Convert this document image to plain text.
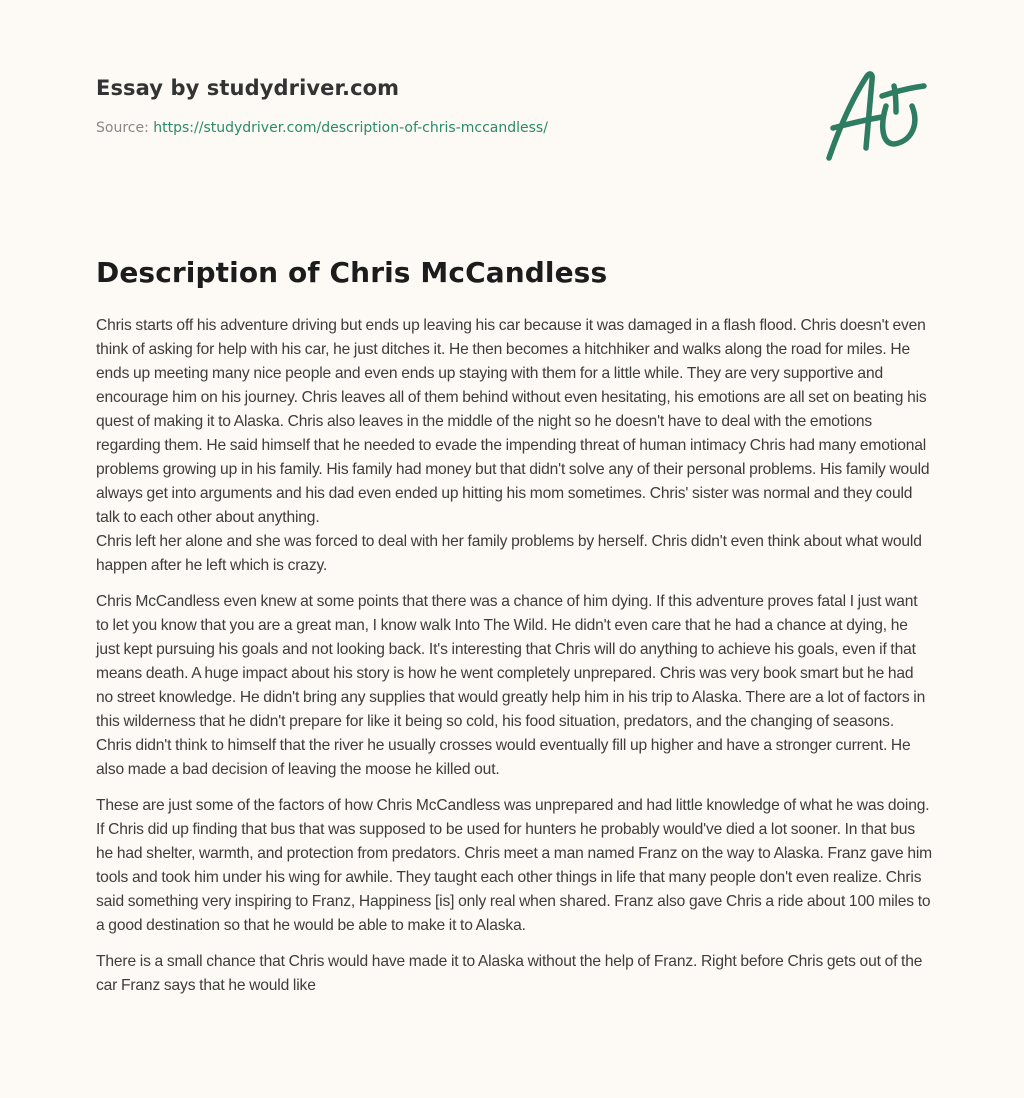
Essay by studydriver.com
Source: https://studydriver.com/description-of-chris-mccandless/
Description of Chris McCandless

Chris starts off his adventure driving but ends up leaving his car because it was damaged in a flash flood. Chris doesn't even think of asking for help with his car, he just ditches it. He then becomes a hitchhiker and walks along the road for miles. He ends up meeting many nice people and even ends up staying with them for a little while. They are very supportive and encourage him on his journey. Chris leaves all of them behind without even hesitating, his emotions are all set on beating his quest of making it to Alaska. Chris also leaves in the middle of the night so he doesn't have to deal with the emotions regarding them. He said himself that he needed to evade the impending threat of human intimacy Chris had many emotional problems growing up in his family. His family had money but that didn't solve any of their personal problems. His family would always get into arguments and his dad even ended up hitting his mom sometimes. Chris' sister was normal and they could talk to each other about anything.

Chris left her alone and she was forced to deal with her family problems by herself. Chris didn't even think about what would happen after he left which is crazy.

Chris McCandless even knew at some points that there was a chance of him dying. If this adventure proves fatal I just want to let you know that you are a great man, I know walk Into The Wild. He didn't even care that he had a chance at dying, he just kept pursuing his goals and not looking back. It's interesting that Chris will do anything to achieve his goals, even if that means death. A huge impact about his story is how he went completely unprepared. Chris was very book smart but he had no street knowledge. He didn't bring any supplies that would greatly help him in his trip to Alaska. There are a lot of factors in this wilderness that he didn't prepare for like it being so cold, his food situation, predators, and the changing of seasons. Chris didn't think to himself that the river he usually crosses would eventually fill up higher and have a stronger current. He also made a bad decision of leaving the moose he killed out.

These are just some of the factors of how Chris McCandless was unprepared and had little knowledge of what he was doing. If Chris did up finding that bus that was supposed to be used for hunters he probably would've died a lot sooner. In that bus he had shelter, warmth, and protection from predators. Chris meet a man named Franz on the way to Alaska. Franz gave him tools and took him under his wing for awhile. They taught each other things in life that many people don't even realize. Chris said something very inspiring to Franz, Happiness [is] only real when shared. Franz also gave Chris a ride about 100 miles to a good destination so that he would be able to make it to Alaska.

There is a small chance that Chris would have made it to Alaska without the help of Franz. Right before Chris gets out of the car Franz says that he would like
